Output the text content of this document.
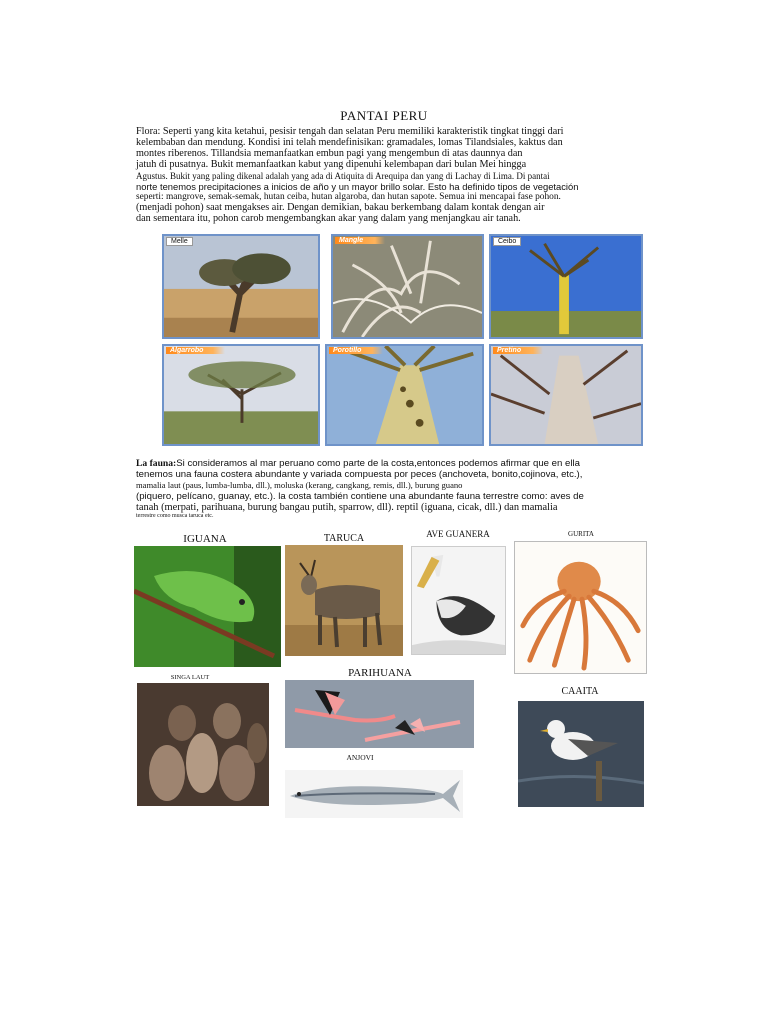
PANTAI PERU
Flora: Seperti yang kita ketahui, pesisir tengah dan selatan Peru memiliki karakteristik tingkat tinggi dari
kelembaban dan mendung. Kondisi ini telah mendefinisikan: gramadales, lomas Tilandsiales, kaktus dan
montes riberenos. Tillandsia memanfaatkan embun pagi yang mengembun di atas daunnya dan
jatuh di pusatnya. Bukit memanfaatkan kabut yang dipenuhi kelembapan dari bulan Mei hingga
Agustus. Bukit yang paling dikenal adalah yang ada di Atiquita di Arequipa dan yang di Lachay di Lima. Di pantai
norte tenemos precipitaciones a inicios de año y un mayor brillo solar. Esto ha definido tipos de vegetación
seperti: mangrove, semak-semak, hutan ceiba, hutan algaroba, dan hutan sapote. Semua ini mencapai fase pohon.
(menjadi pohon) saat mengakses air. Dengan demikian, bakau berkembang dalam kontak dengan air
dan sementara itu, pohon carob mengembangkan akar yang dalam yang menjangkau air tanah.
Melle	Mangle	Ceibo
Algarrobo	Porotillo	Pretino
La fauna:Si consideramos al mar peruano como parte de la costa,entonces podemos afirmar que en ella
tenemos una fauna costera abundante y variada compuesta por peces (anchoveta, bonito,cojinova, etc.),
mamalia laut (paus, lumba-lumba, dll.), moluska (kerang, cangkang, remis, dll.), burung guano
(piquero, pelícano, guanay, etc.). la costa también contiene una abundante fauna terrestre como: aves de
tanah (merpati, parihuana, burung bangau putih, sparrow, dll). reptil (iguana, cicak, dll.) dan mamalia
terrestre como musca taruca etc.
IGUANA	TARUCA	AVE GUANERA	GURITA
SINGA LAUT	PARIHUANA
CAAITA
ANJOVI
